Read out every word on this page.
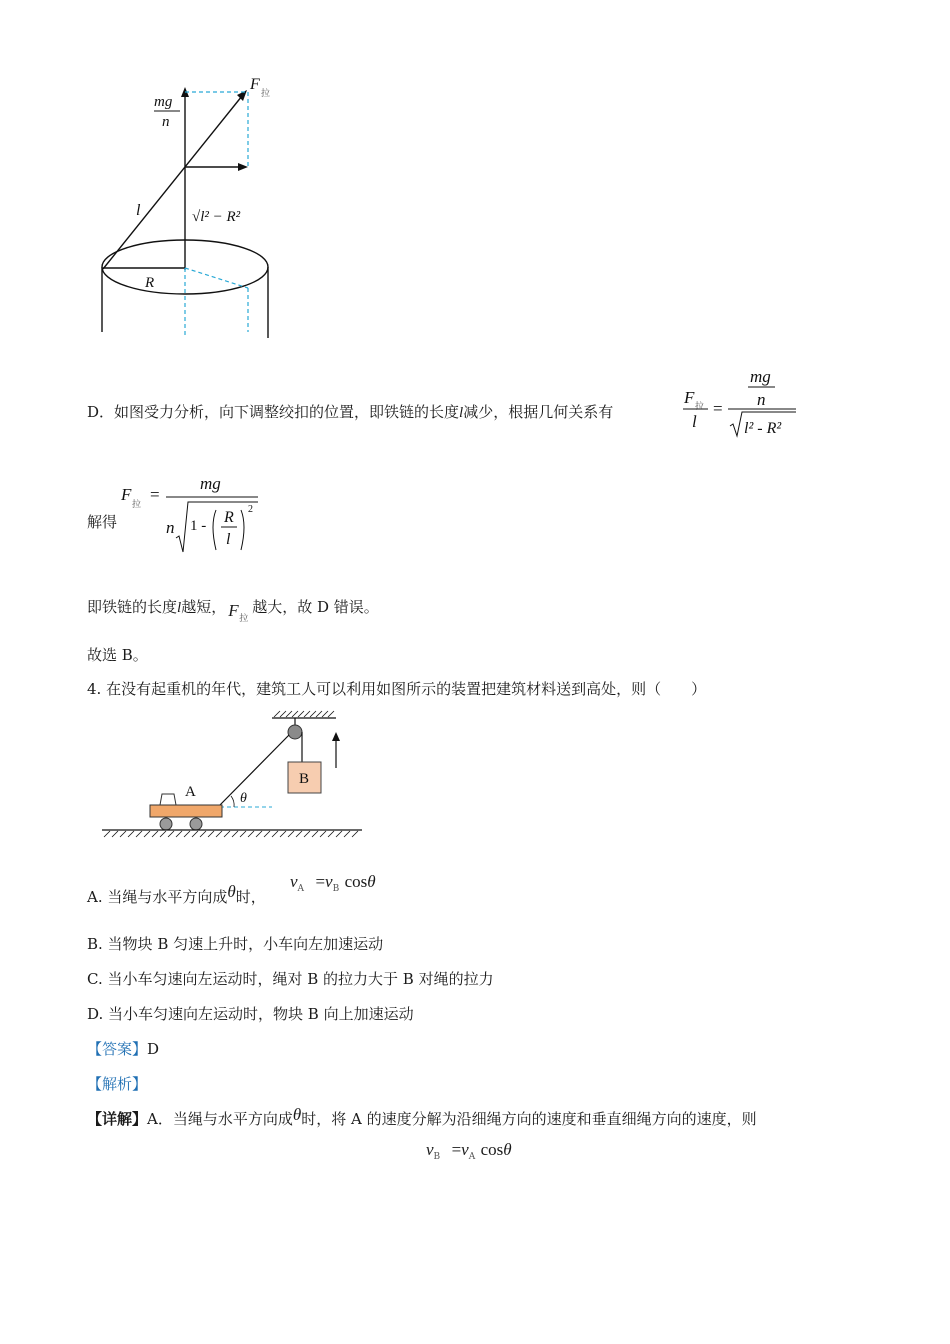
mg
n
F 拉
l	√l² − R²
R
D．如图受力分析，向下调整绞扣的位置，即铁链的长度l减少，根据几何关系有
F 拉
l
=
mg
n
l² - R²
解得
F 拉 =
mg
n 1 - R
l
2
即铁链的长度l越短， F 拉
越大，故 D 错误。
故选 B。
4. 在没有起重机的年代，建筑工人可以利用如图所示的装置把建筑材料送到高处，则（　　）
B
θ
A
A. 当绳与水平方向成θ时，
$v_A =v_B$ cosθ
B. 当物块 B 匀速上升时，小车向左加速运动
C. 当小车匀速向左运动时，绳对 B 的拉力大于 B 对绳的拉力
D. 当小车匀速向左运动时，物块 B 向上加速运动
【答案】D
【解析】
【详解】A．当绳与水平方向成θ时，将 A 的速度分解为沿细绳方向的速度和垂直细绳方向的速度，则
$v_B =v_A$ cosθ
